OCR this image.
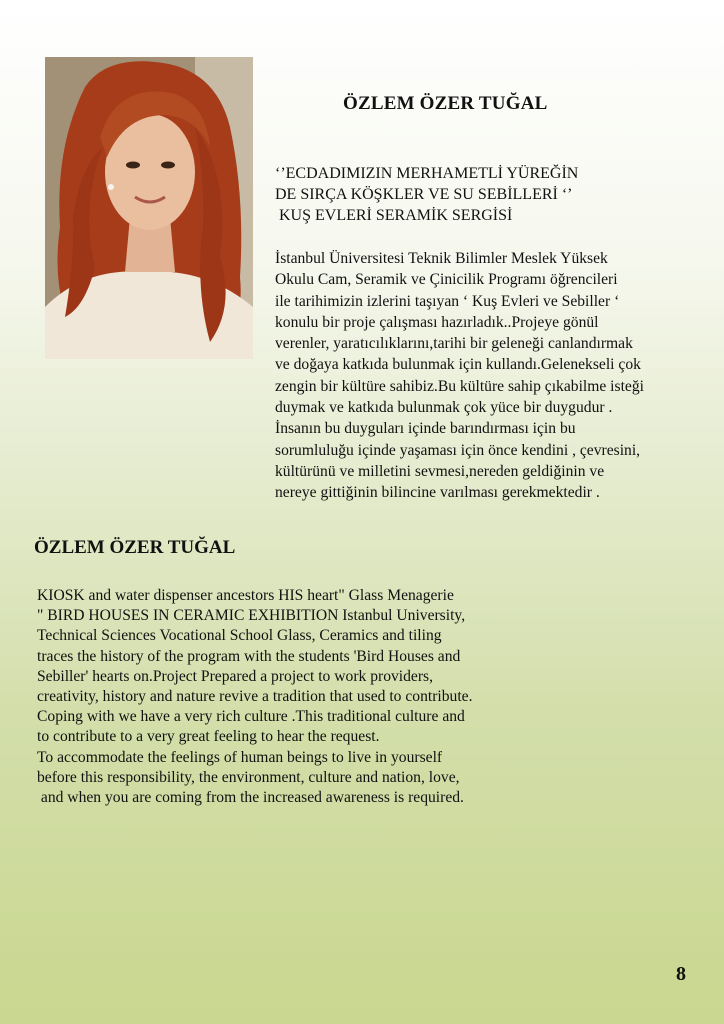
ÖZLEM ÖZER TUĞAL
‘’ECDADIMIZIN MERHAMETLİ YÜREĞİN
DE SIRÇA KÖŞKLER VE SU SEBİLLERİ ‘’
KUŞ EVLERİ SERAMİK SERGİSİ
İstanbul Üniversitesi Teknik Bilimler Meslek Yüksek
Okulu Cam, Seramik ve Çinicilik Programı öğrencileri
ile tarihimizin izlerini taşıyan ‘ Kuş Evleri ve Sebiller ‘
konulu bir proje çalışması hazırladık..Projeye gönül
verenler, yaratıcılıklarını,tarihi bir geleneği canlandırmak
ve doğaya katkıda bulunmak için kullandı.Gelenekseli çok
zengin bir kültüre sahibiz.Bu kültüre sahip çıkabilme isteği
duymak ve katkıda bulunmak çok yüce bir duygudur .
İnsanın bu duyguları içinde barındırması için bu
sorumluluğu içinde yaşaması için önce kendini , çevresini,
kültürünü ve milletini sevmesi,nereden geldiğinin ve
nereye gittiğinin bilincine varılması gerekmektedir .
ÖZLEM ÖZER TUĞAL
KIOSK and water dispenser ancestors HIS heart" Glass Menagerie
" BIRD HOUSES IN CERAMIC EXHIBITION Istanbul University,
Technical Sciences Vocational School Glass, Ceramics and tiling
traces the history of the program with the students 'Bird Houses and
Sebiller' hearts on.Project Prepared a project to work providers,
creativity, history and nature revive a tradition that used to contribute.
Coping with we have a very rich culture .This traditional culture and
to contribute to a very great feeling to hear the request.
To accommodate the feelings of human beings to live in yourself
before this responsibility, the environment, culture and nation, love,
and when you are coming from the increased awareness is required.
8
